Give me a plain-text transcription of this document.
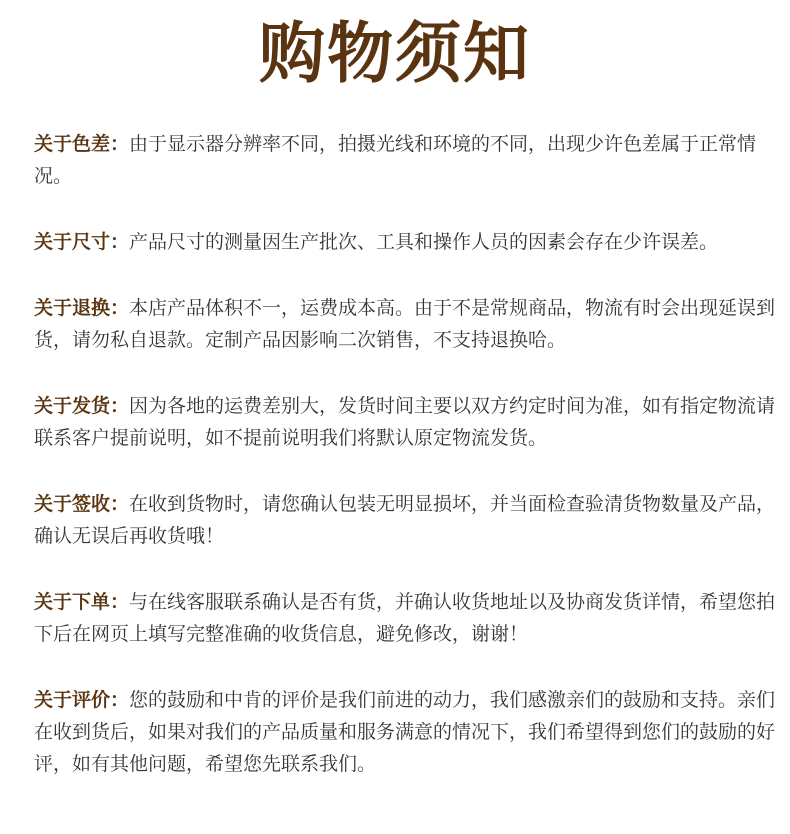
购物须知
关于色差：由于显示器分辨率不同，拍摄光线和环境的不同，出现少许色差属于正常情况。
关于尺寸：产品尺寸的测量因生产批次、工具和操作人员的因素会存在少许误差。
关于退换：本店产品体积不一，运费成本高。由于不是常规商品，物流有时会出现延误到货，请勿私自退款。定制产品因影响二次销售，不支持退换哈。
关于发货：因为各地的运费差别大，发货时间主要以双方约定时间为准，如有指定物流请联系客户提前说明，如不提前说明我们将默认原定物流发货。
关于签收：在收到货物时，请您确认包装无明显损坏，并当面检查验清货物数量及产品，确认无误后再收货哦！
关于下单：与在线客服联系确认是否有货，并确认收货地址以及协商发货详情，希望您拍下后在网页上填写完整准确的收货信息，避免修改，谢谢！
关于评价：您的鼓励和中肯的评价是我们前进的动力，我们感激亲们的鼓励和支持。亲们在收到货后，如果对我们的产品质量和服务满意的情况下，我们希望得到您们的鼓励的好评，如有其他问题，希望您先联系我们。
